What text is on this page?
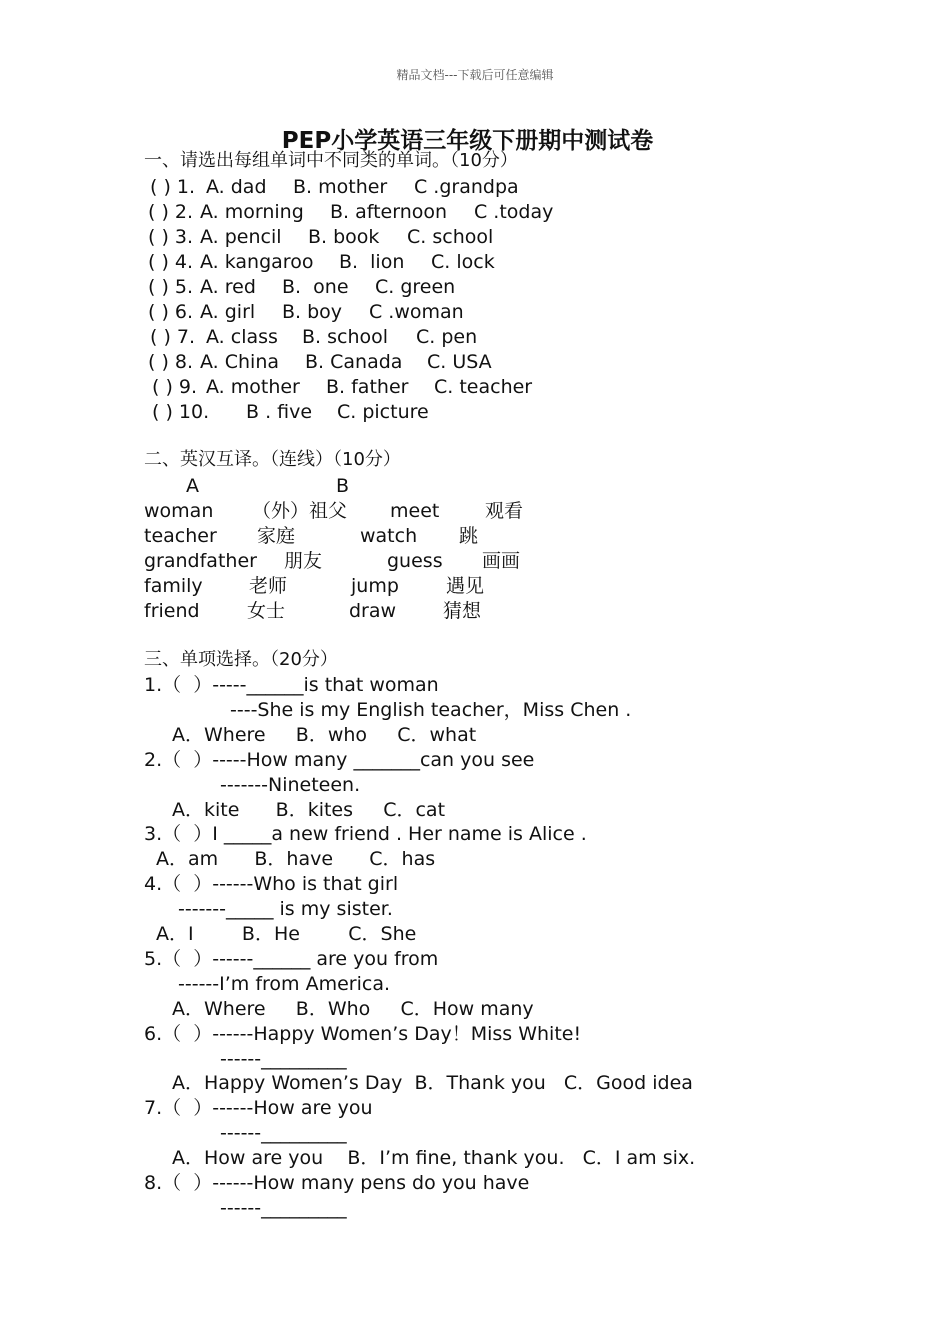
精品文档---下载后可任意编辑
PEP小学英语三年级下册期中测试卷
一、请选出每组单词中不同类的单词。（10分）
( ) 1. A. dad B. mother C .grandpa
( ) 2. A. morning B. afternoon C .today
( ) 3. A. pencil B. book C. school
( ) 4. A. kangaroo B.  lion C. lock
( ) 5. A. red B.  one C. green
( ) 6. A. girl B. boy C .woman
( ) 7. A. class B. school C. pen
( ) 8. A. China B. Canada C. USA
( ) 9. A. mother B. father C. teacher
( ) 10. B . five C. picture
二、英汉互译。（连线）（10分）
A	B
woman （外）祖父 meet 观看
teacher 家庭	watch 跳
grandfather 朋友	guess 画画
family 老师	jump 遇见
friend 女士	draw 猜想
三、单项选择。（20分）
1.（  ）-----______is that woman
----She is my English teacher，Miss Chen .
A．Where     B．who     C．what
2.（  ）-----How many _______can you see
-------Nineteen.
A．kite      B．kites     C．cat
3.（  ）I _____a new friend . Her name is Alice .
A．am      B．have      C．has
4.（  ）------Who is that girl
-------_____ is my sister.
A．I        B．He        C．She
5.（  ）------______ are you from
------I’m from America.
A．Where     B．Who     C．How many
6.（  ）------Happy Women’s Day！Miss White!
------_________
A．Happy Women’s Day  B．Thank you   C．Good idea
7.（  ）------How are you
------_________
A．How are you    B．I’m fine, thank you.   C．I am six.
8.（  ）------How many pens do you have
------_________
